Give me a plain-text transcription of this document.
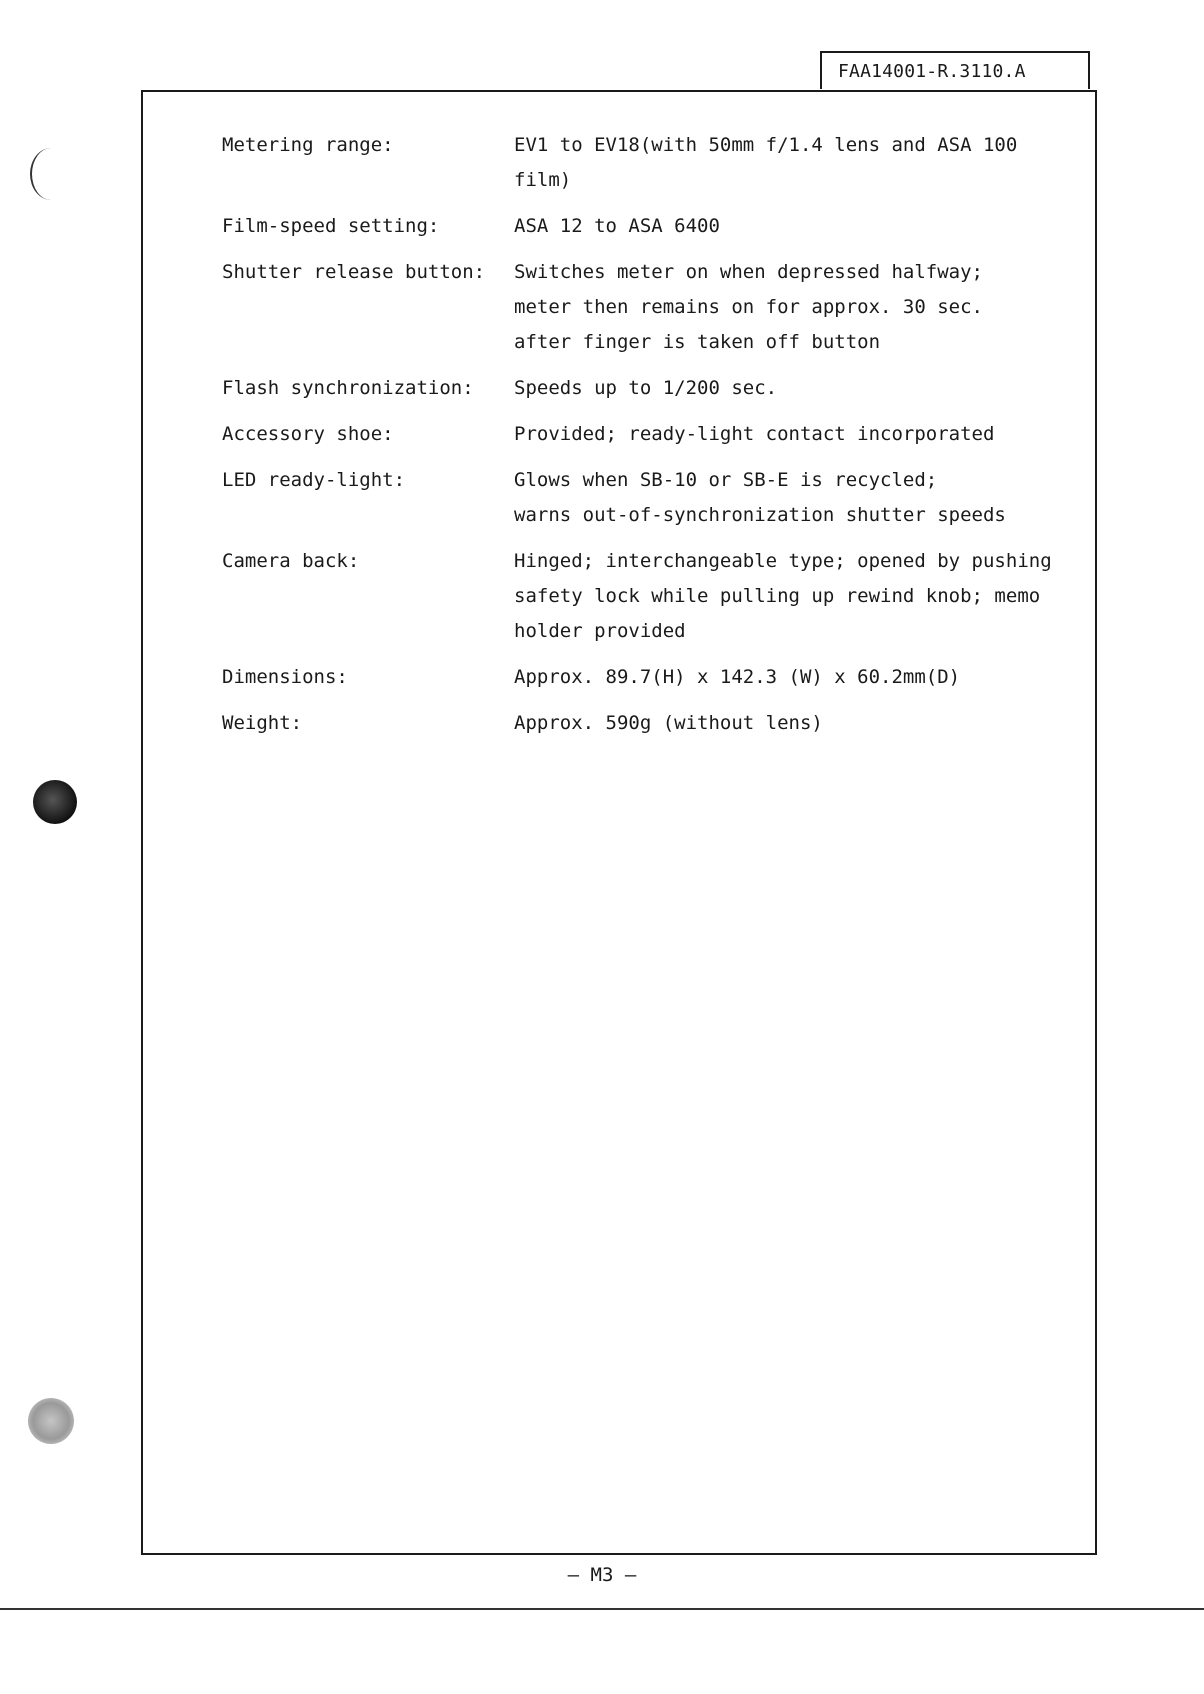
FAA14001-R.3110.A
Metering range:	EV1 to EV18(with 50mm f/1.4 lens and ASA 100
film)
Film-speed setting:	ASA 12 to ASA 6400
Shutter release button:	Switches meter on when depressed halfway;
meter then remains on for approx. 30 sec.
after finger is taken off button
Flash synchronization:	Speeds up to 1/200 sec.
Accessory shoe:	Provided; ready-light contact incorporated
LED ready-light:	Glows when SB-10 or SB-E is recycled;
warns out-of-synchronization shutter speeds
Camera back:	Hinged; interchangeable type; opened by pushing
safety lock while pulling up rewind knob; memo
holder provided
Dimensions:	Approx. 89.7(H) x 142.3 (W) x 60.2mm(D)
Weight:	Approx. 590g (without lens)
— M3 —
